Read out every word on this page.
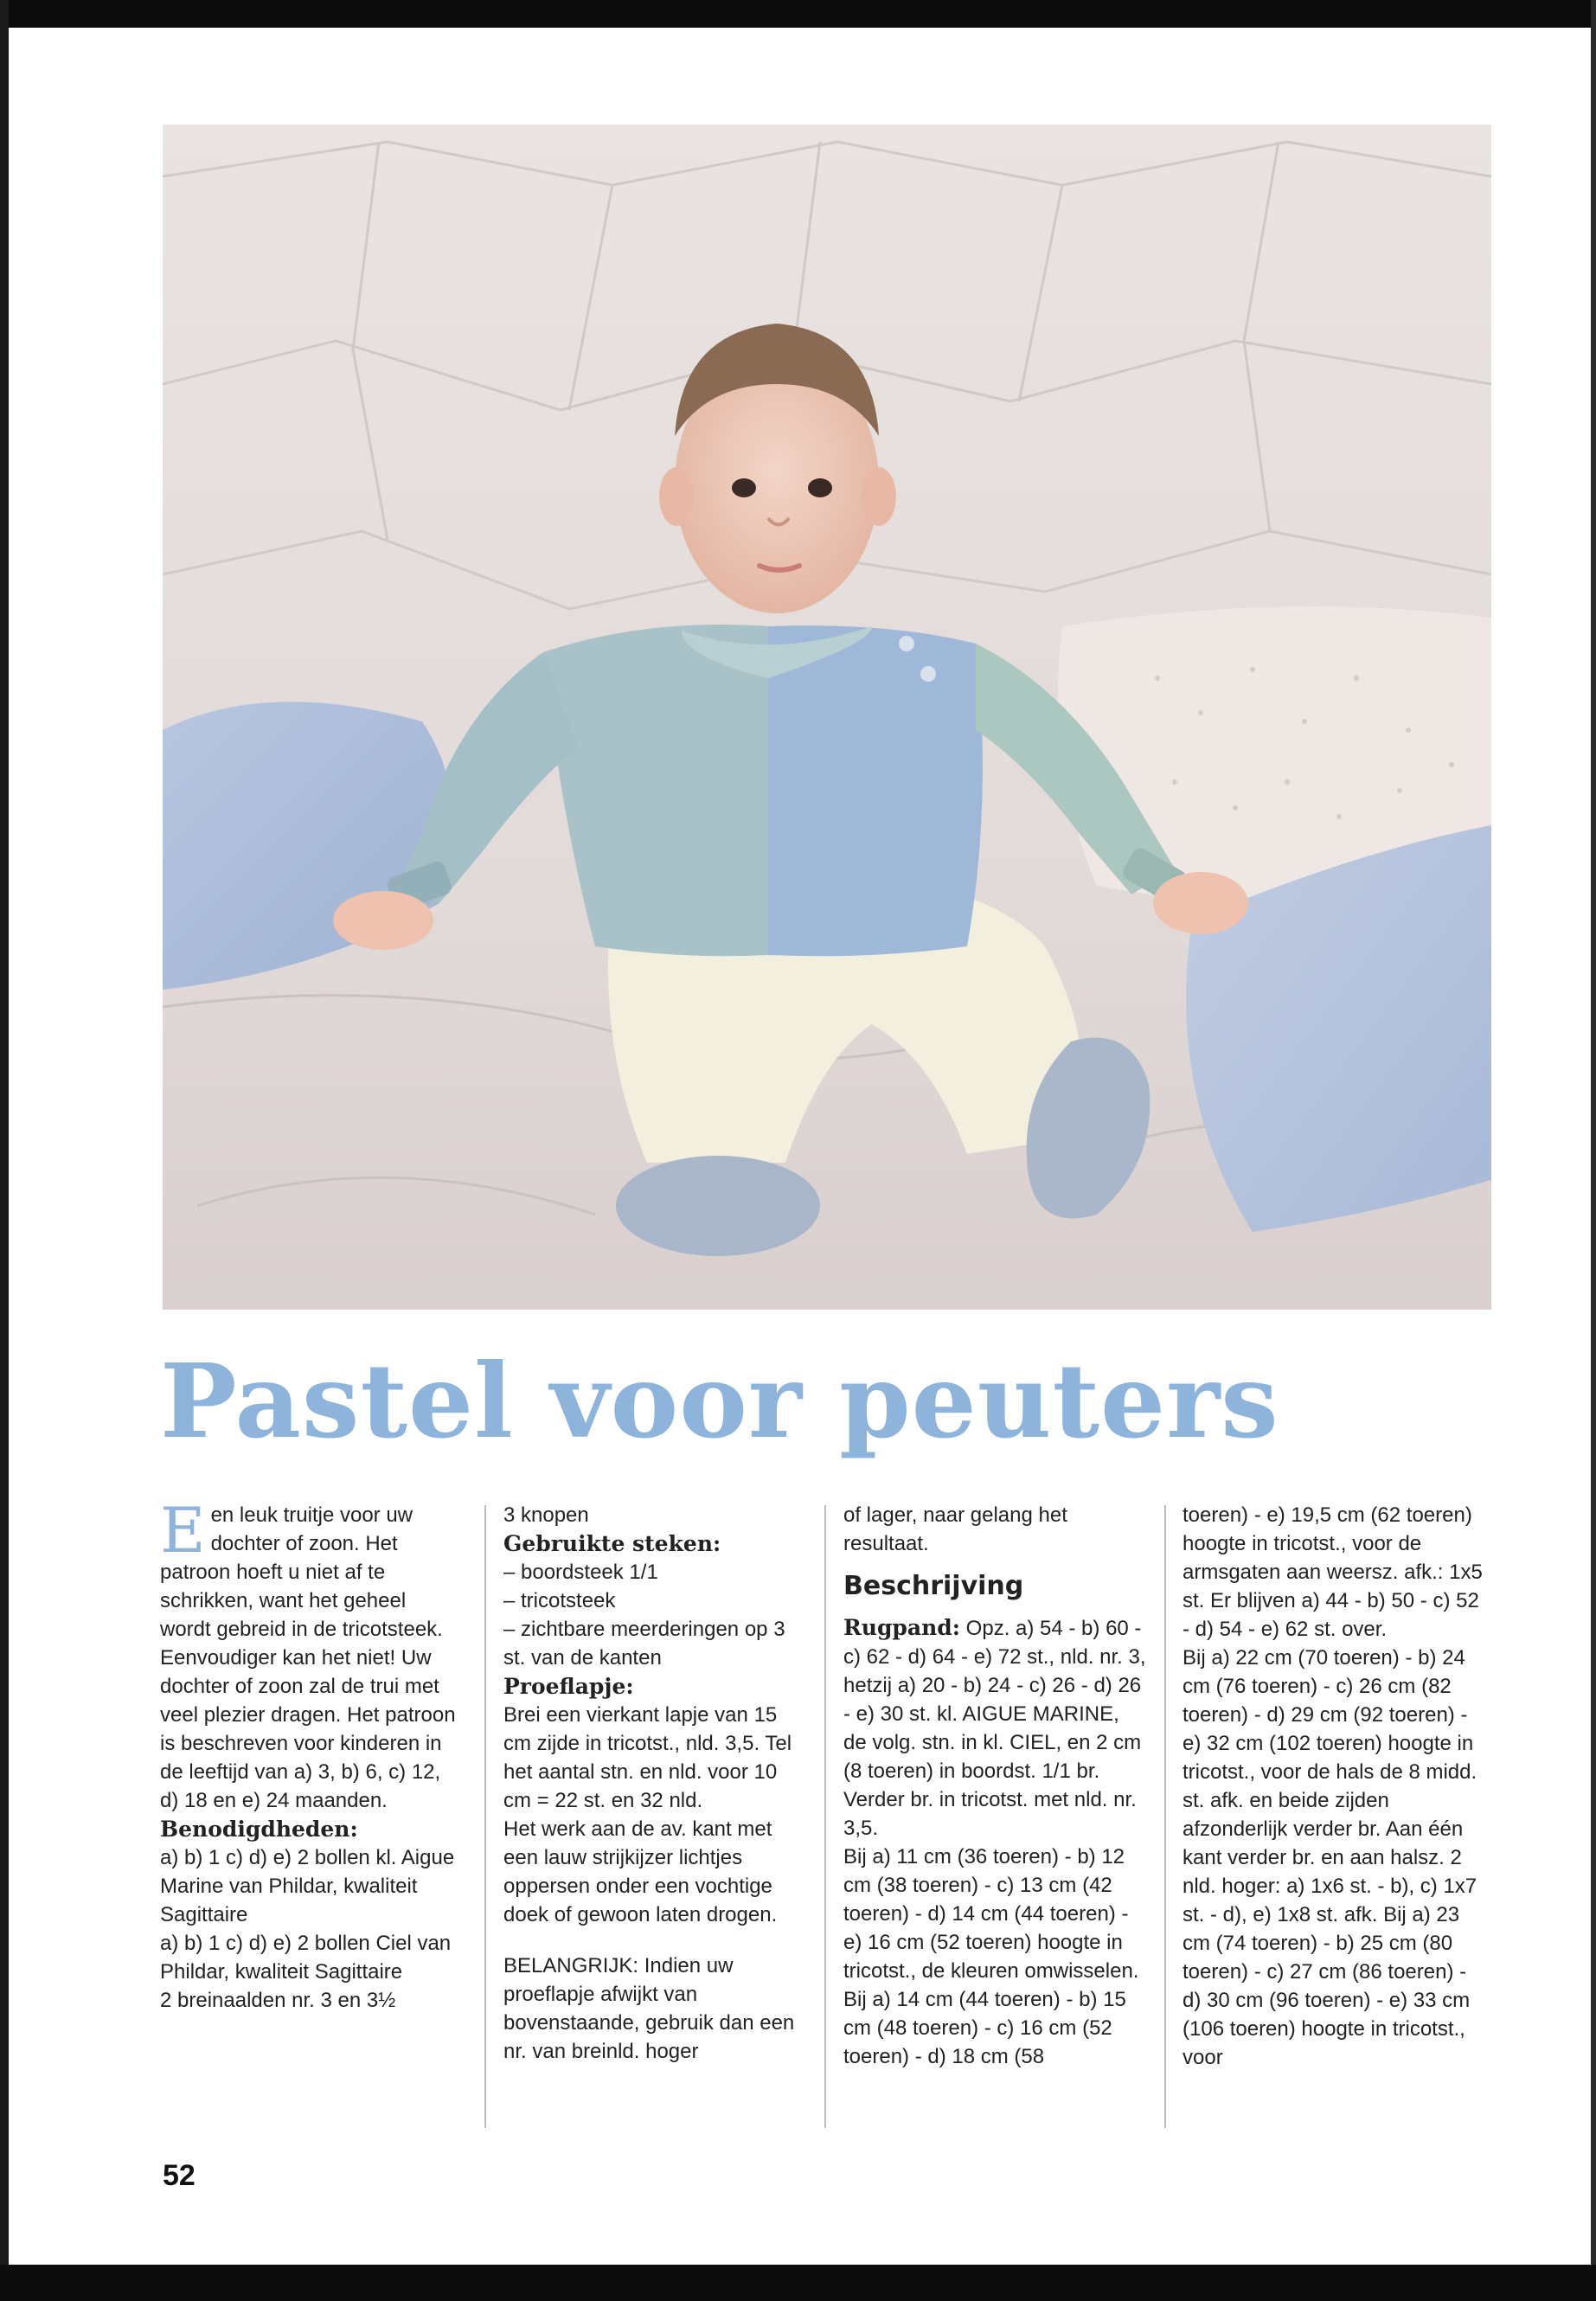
Pastel voor peuters

Een leuk truitje voor uw dochter of zoon. Het patroon hoeft u niet af te schrikken, want het geheel wordt gebreid in de tricotsteek. Eenvoudiger kan het niet! Uw dochter of zoon zal de trui met veel plezier dragen. Het patroon is beschreven voor kinderen in de leeftijd van a) 3, b) 6, c) 12, d) 18 en e) 24 maanden.

Benodigdheden:

a) b) 1 c) d) e) 2 bollen kl. Aigue Marine van Phildar, kwaliteit Sagittaire

a) b) 1 c) d) e) 2 bollen Ciel van Phildar, kwaliteit Sagittaire

2 breinaalden nr. 3 en 3½

3 knopen

Gebruikte steken:

– boordsteek 1/1

– tricotsteek

– zichtbare meerderingen op 3 st. van de kanten

Proeflapje:

Brei een vierkant lapje van 15 cm zijde in tricotst., nld. 3,5. Tel het aantal stn. en nld. voor 10 cm = 22 st. en 32 nld.

Het werk aan de av. kant met een lauw strijkijzer lichtjes oppersen onder een vochtige doek of gewoon laten drogen.

BELANGRIJK: Indien uw proeflapje afwijkt van bovenstaande, gebruik dan een nr. van breinld. hoger

of lager, naar gelang het resultaat.

Beschrijving

Rugpand: Opz. a) 54 - b) 60 - c) 62 - d) 64 - e) 72 st., nld. nr. 3, hetzij a) 20 - b) 24 - c) 26 - d) 26 - e) 30 st. kl. AIGUE MARINE, de volg. stn. in kl. CIEL, en 2 cm (8 toeren) in boordst. 1/1 br. Verder br. in tricotst. met nld. nr. 3,5.

Bij a) 11 cm (36 toeren) - b) 12 cm (38 toeren) - c) 13 cm (42 toeren) - d) 14 cm (44 toeren) - e) 16 cm (52 toeren) hoogte in tricotst., de kleuren omwisselen.

Bij a) 14 cm (44 toeren) - b) 15 cm (48 toeren) - c) 16 cm (52 toeren) - d) 18 cm (58

toeren) - e) 19,5 cm (62 toeren) hoogte in tricotst., voor de armsgaten aan weersz. afk.: 1x5 st. Er blijven a) 44 - b) 50 - c) 52 - d) 54 - e) 62 st. over.

Bij a) 22 cm (70 toeren) - b) 24 cm (76 toeren) - c) 26 cm (82 toeren) - d) 29 cm (92 toeren) - e) 32 cm (102 toeren) hoogte in tricotst., voor de hals de 8 midd. st. afk. en beide zijden afzonderlijk verder br. Aan één kant verder br. en aan halsz. 2 nld. hoger: a) 1x6 st. - b), c) 1x7 st. - d), e) 1x8 st. afk. Bij a) 23 cm (74 toeren) - b) 25 cm (80 toeren) - c) 27 cm (86 toeren) - d) 30 cm (96 toeren) - e) 33 cm (106 toeren) hoogte in tricotst., voor

52
